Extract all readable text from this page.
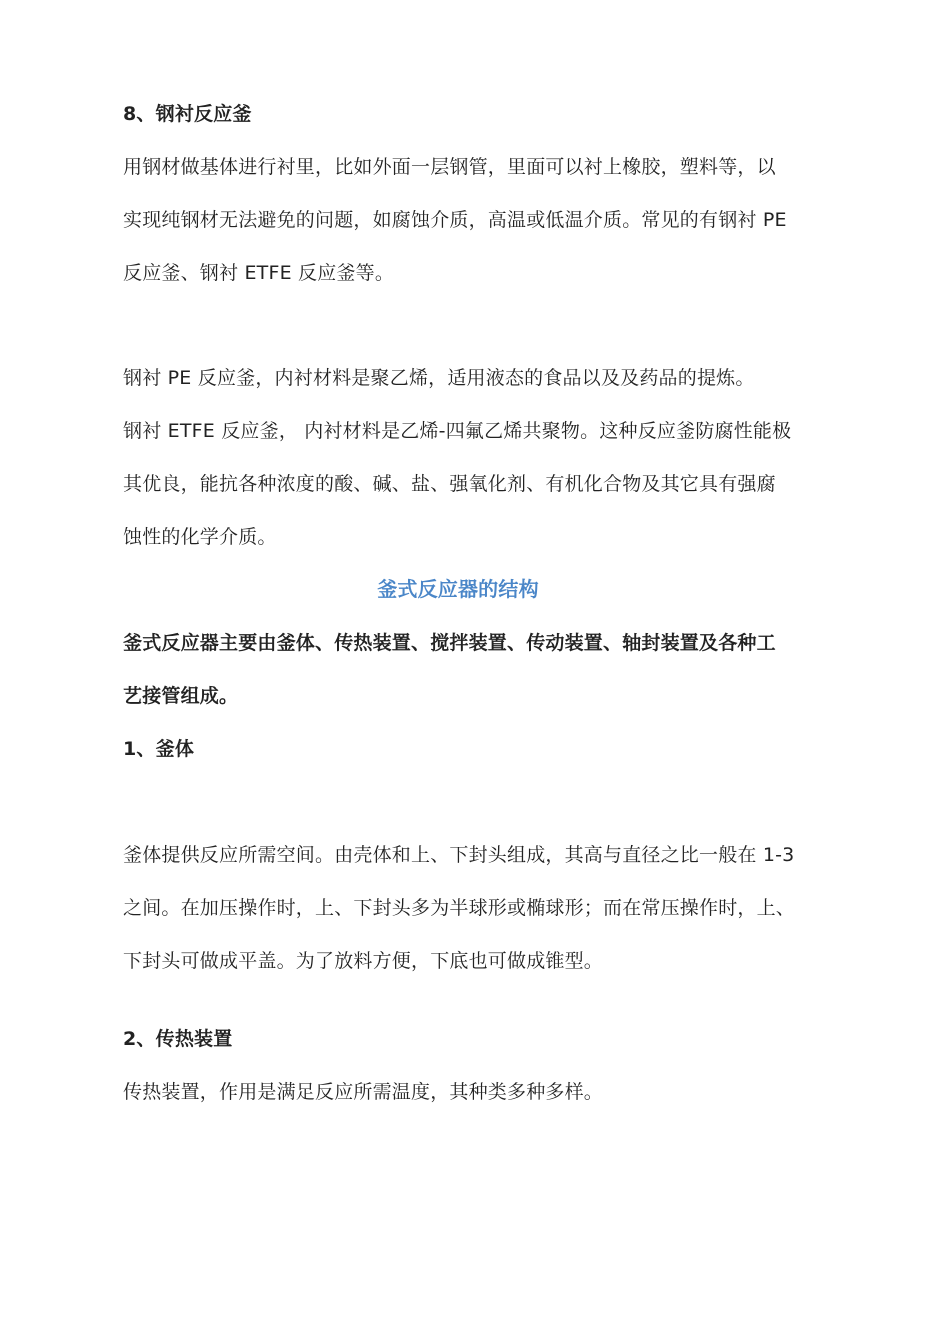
8、钢衬反应釜
用钢材做基体进行衬里，比如外面一层钢管，里面可以衬上橡胶，塑料等，以
实现纯钢材无法避免的问题，如腐蚀介质，高温或低温介质。常见的有钢衬 PE
反应釜、钢衬 ETFE 反应釜等。
钢衬 PE 反应釜，内衬材料是聚乙烯，适用液态的食品以及及药品的提炼。
钢衬 ETFE 反应釜， 内衬材料是乙烯-四氟乙烯共聚物。这种反应釜防腐性能极
其优良，能抗各种浓度的酸、碱、盐、强氧化剂、有机化合物及其它具有强腐
蚀性的化学介质。
釜式反应器的结构
釜式反应器主要由釜体、传热装置、搅拌装置、传动装置、轴封装置及各种工
艺接管组成。
1、釜体
釜体提供反应所需空间。由壳体和上、下封头组成，其高与直径之比一般在 1-3
之间。在加压操作时，上、下封头多为半球形或椭球形；而在常压操作时，上、
下封头可做成平盖。为了放料方便，下底也可做成锥型。
2、传热装置
传热装置，作用是满足反应所需温度，其种类多种多样。
